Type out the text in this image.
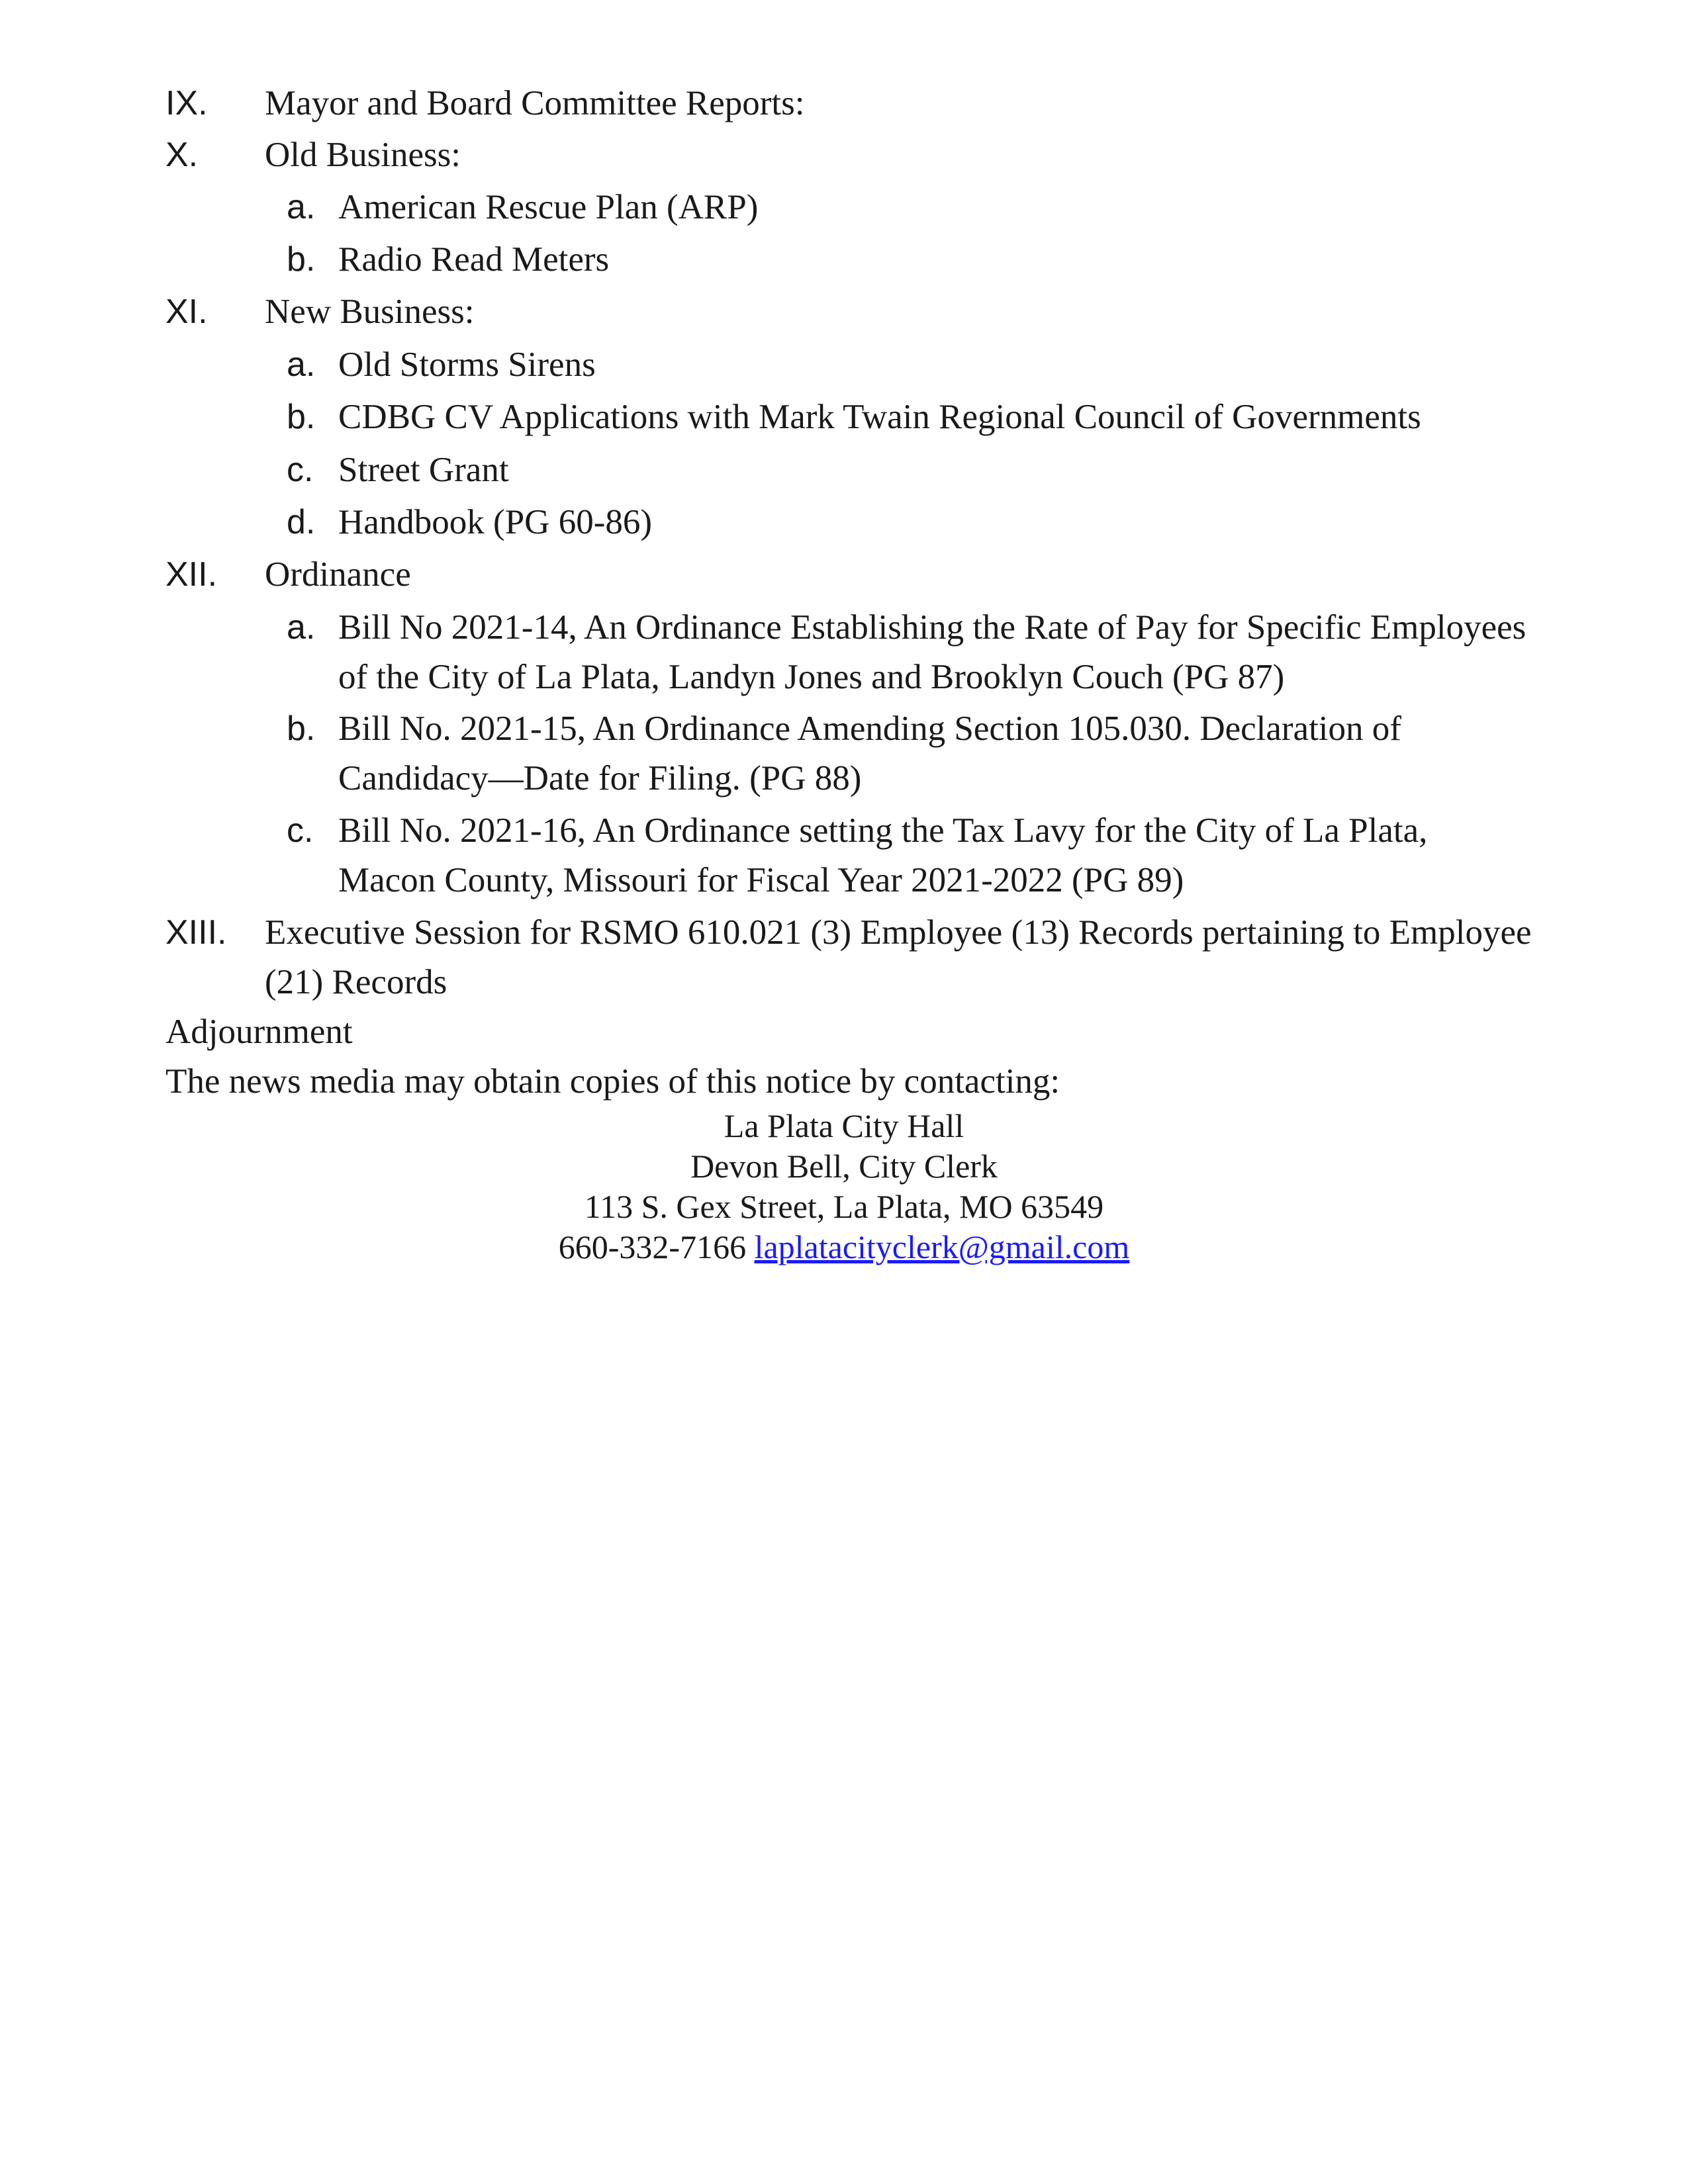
IX. Mayor and Board Committee Reports:
X. Old Business:
a. American Rescue Plan (ARP)
b. Radio Read Meters
XI. New Business:
a. Old Storms Sirens
b. CDBG CV Applications with Mark Twain Regional Council of Governments
c. Street Grant
d. Handbook (PG 60-86)
XII. Ordinance
a. Bill No 2021-14, An Ordinance Establishing the Rate of Pay for Specific Employees
of the City of La Plata, Landyn Jones and Brooklyn Couch (PG 87)
b. Bill No. 2021-15, An Ordinance Amending Section 105.030. Declaration of
Candidacy—Date for Filing. (PG 88)
c. Bill No. 2021-16, An Ordinance setting the Tax Lavy for the City of La Plata,
Macon County, Missouri for Fiscal Year 2021-2022 (PG 89)
XIII. Executive Session for RSMO 610.021 (3) Employee (13) Records pertaining to Employee
(21) Records
Adjournment
The news media may obtain copies of this notice by contacting:
La Plata City Hall
Devon Bell, City Clerk
113 S. Gex Street, La Plata, MO 63549
660-332-7166 laplatacityclerk@gmail.com
